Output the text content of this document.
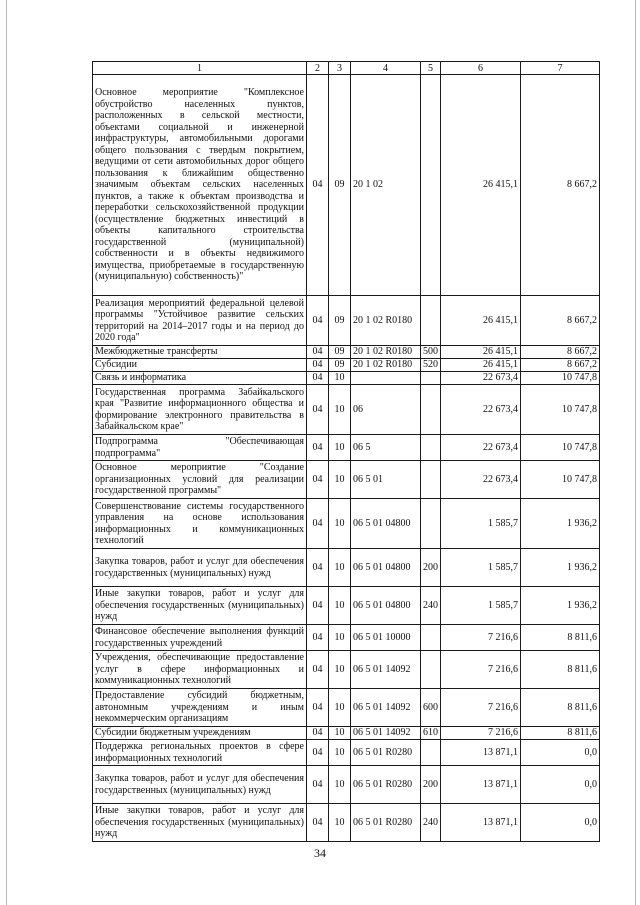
1	2	3	4	5	6	7
Основное мероприятие "Комплексное обустройство населенных пунктов, расположенных в сельской местности, объектами социальной и инженерной инфраструктуры, автомобильными дорогами общего пользования с твердым покрытием, ведущими от сети автомобильных дорог общего пользования к ближайшим общественно значимым объектам сельских населенных пунктов, а также к объектам производства и переработки сельскохозяйственной продукции (осуществление бюджетных инвестиций в объекты капитального строительства государственной (муниципальной) собственности и в объекты недвижимого имущества, приобретаемые в государственную (муниципальную) собственность)"	04	09	20 1 02		26 415,1	8 667,2
Реализация мероприятий федеральной целевой программы "Устойчивое развитие сельских территорий на 2014–2017 годы и на период до 2020 года"	04	09	20 1 02 R0180		26 415,1	8 667,2
Межбюджетные трансферты	04	09	20 1 02 R0180	500	26 415,1	8 667,2
Субсидии	04	09	20 1 02 R0180	520	26 415,1	8 667,2
Связь и информатика	04	10			22 673,4	10 747,8
Государственная программа Забайкальского края "Развитие информационного общества и формирование электронного правительства в Забайкальском крае"	04	10	06		22 673,4	10 747,8
Подпрограмма "Обеспечивающая подпрограмма"	04	10	06 5		22 673,4	10 747,8
Основное мероприятие "Создание организационных условий для реализации государственной программы"	04	10	06 5 01		22 673,4	10 747,8
Совершенствование системы государственного управления на основе использования информационных и коммуникационных технологий	04	10	06 5 01 04800		1 585,7	1 936,2
Закупка товаров, работ и услуг для обеспечения государственных (муниципальных) нужд	04	10	06 5 01 04800	200	1 585,7	1 936,2
Иные закупки товаров, работ и услуг для обеспечения государственных (муниципальных) нужд	04	10	06 5 01 04800	240	1 585,7	1 936,2
Финансовое обеспечение выполнения функций государственных учреждений	04	10	06 5 01 10000		7 216,6	8 811,6
Учреждения, обеспечивающие предоставление услуг в сфере информационных и коммуникационных технологий	04	10	06 5 01 14092		7 216,6	8 811,6
Предоставление субсидий бюджетным, автономным учреждениям и иным некоммерческим организациям	04	10	06 5 01 14092	600	7 216,6	8 811,6
Субсидии бюджетным учреждениям	04	10	06 5 01 14092	610	7 216,6	8 811,6
Поддержка региональных проектов в сфере информационных технологий	04	10	06 5 01 R0280		13 871,1	0,0
Закупка товаров, работ и услуг для обеспечения государственных (муниципальных) нужд	04	10	06 5 01 R0280	200	13 871,1	0,0
Иные закупки товаров, работ и услуг для обеспечения государственных (муниципальных) нужд	04	10	06 5 01 R0280	240	13 871,1	0,0
34
